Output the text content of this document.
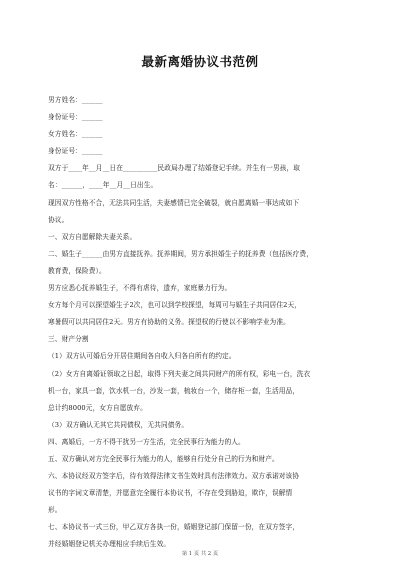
最新离婚协议书范例
男方姓名：______
身份证号：______
女方姓名：______
身份证号：______
双方于____年__月__日在__________民政局办理了结婚登记手续。并生有一男孩，取
名：______，____年__月__日出生。
现因双方性格不合，无法共同生活，夫妻感情已完全破裂，就自愿离婚一事达成如下
协议。
一、双方自愿解除夫妻关系。
二、婚生子______由男方直接抚养。抚养期间，男方承担婚生子的抚养费（包括医疗费，
教育费，保险费）。
男方应悉心抚养婚生子，不得有虐待，遗弃，家庭暴力行为。
女方每个月可以探望婚生子2次，也可以到学校探望，每周可与婚生子共同居住2天，
寒暑假可以共同居住2天。男方有协助的义务。探望权的行使以不影响学业为准。
三、财产分割
（1）双方认可婚后分开居住期间各自收入归各自所有的约定。
（2）女方自离婚证领取之日起，取得下列夫妻之间共同财产的所有权，彩电一台，洗衣
机一台，家具一套，饮水机一台，沙发一套，梳妆台一个，储存柜一套，生活用品，
总计约8000元，女方自愿放弃。
（3）双方确认无其它共同债权，无共同债务。
四、离婚后，一方不得干扰另一方生活，完全民事行为能力的人。
五、双方确认对方完全民事行为能力的人，能够自行处分自己的行为和财产。
六、本协议经双方签字后，待有效得法律文书生效时具有法律效力。双方承诺对该协
议书的字词文章清楚，并愿意完全履行本协议书，不存在受到胁迫，欺诈，误解情
形。
七、本协议书一式三份，甲乙双方各执一份，婚姻登记部门保留一份，在双方签字，
并经婚姻登记机关办理相应手续后生效。
第 1 页 共 2 页
